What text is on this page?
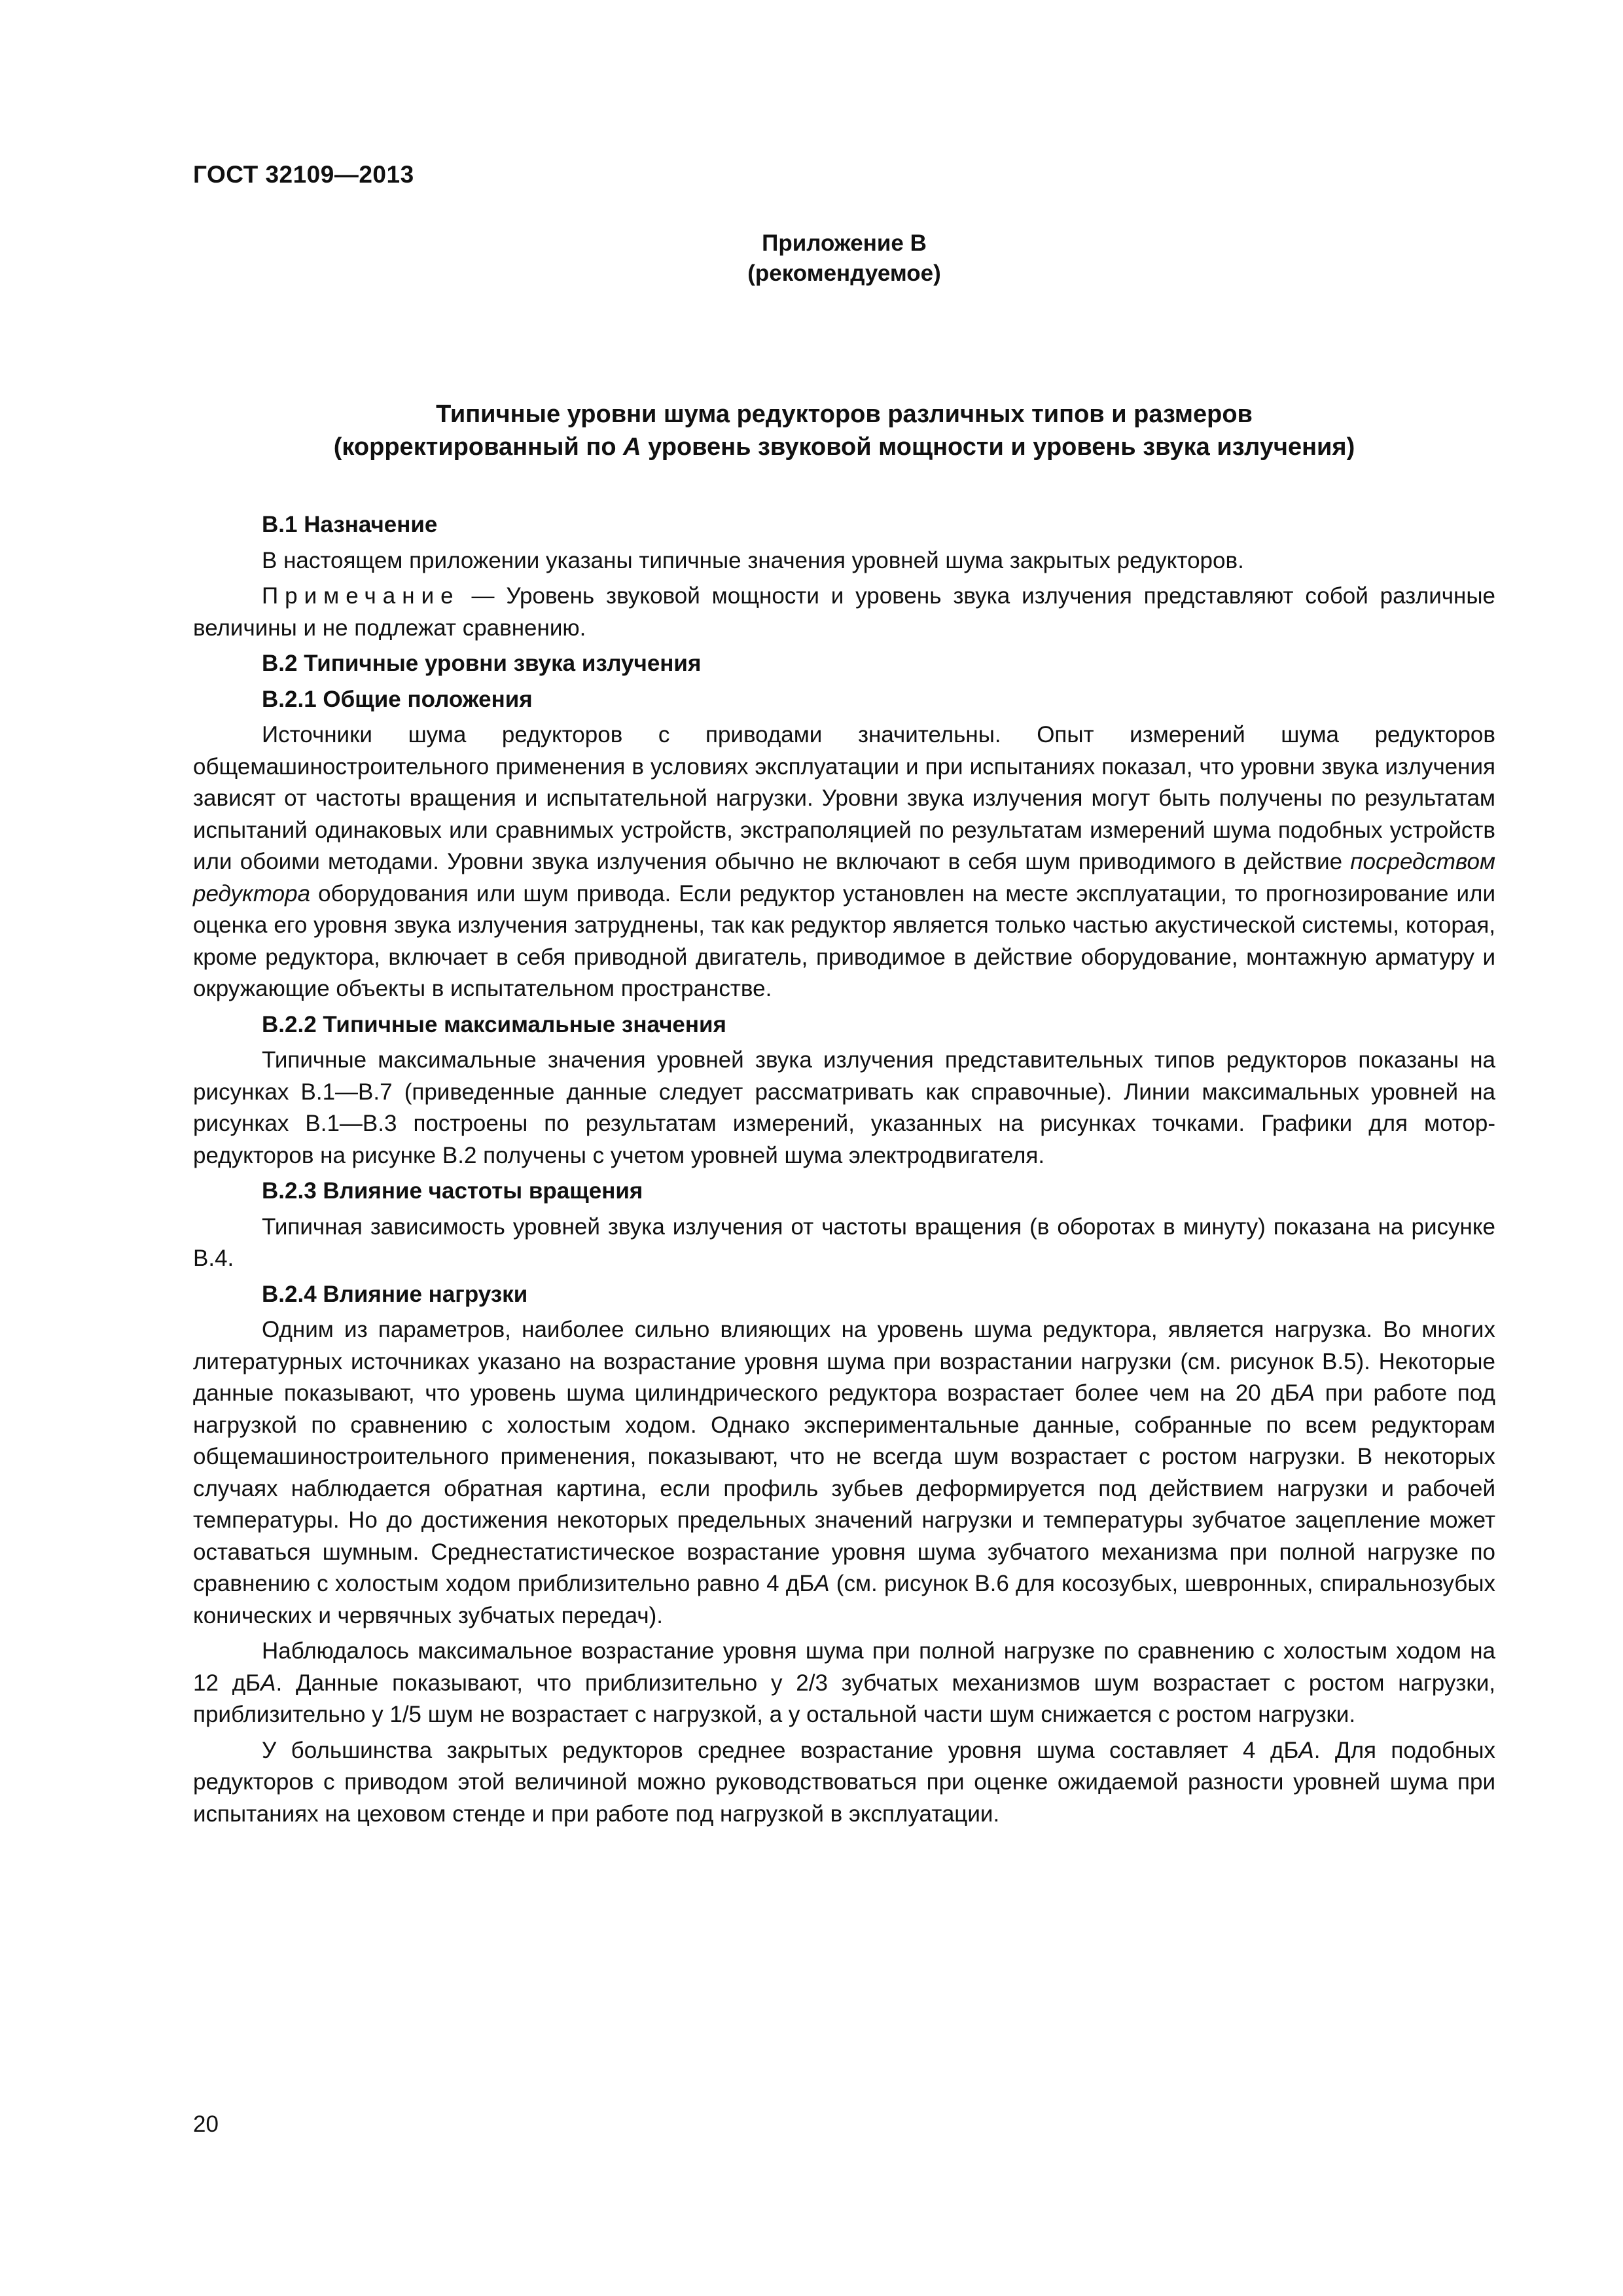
ГОСТ 32109—2013

Приложение В

(рекомендуемое)

Типичные уровни шума редукторов различных типов и размеров

(корректированный по А уровень звуковой мощности и уровень звука излучения)

В.1 Назначение

В настоящем приложении указаны типичные значения уровней шума закрытых редукторов.

Примечание — Уровень звуковой мощности и уровень звука излучения представляют собой различные величины и не подлежат сравнению.

В.2 Типичные уровни звука излучения

В.2.1 Общие положения

Источники шума редукторов с приводами значительны. Опыт измерений шума редукторов общемашиностроительного применения в условиях эксплуатации и при испытаниях показал, что уровни звука излучения зависят от частоты вращения и испытательной нагрузки. Уровни звука излучения могут быть получены по результатам испытаний одинаковых или сравнимых устройств, экстраполяцией по результатам измерений шума подобных устройств или обоими методами. Уровни звука излучения обычно не включают в себя шум приводимого в действие посредством редуктора оборудования или шум привода. Если редуктор установлен на месте эксплуатации, то прогнозирование или оценка его уровня звука излучения затруднены, так как редуктор является только частью акустической системы, которая, кроме редуктора, включает в себя приводной двигатель, приводимое в действие оборудование, монтажную арматуру и окружающие объекты в испытательном пространстве.

В.2.2 Типичные максимальные значения

Типичные максимальные значения уровней звука излучения представительных типов редукторов показаны на рисунках В.1—В.7 (приведенные данные следует рассматривать как справочные). Линии максимальных уровней на рисунках В.1—В.3 построены по результатам измерений, указанных на рисунках точками. Графики для мотор-редукторов на рисунке В.2 получены с учетом уровней шума электродвигателя.

В.2.3 Влияние частоты вращения

Типичная зависимость уровней звука излучения от частоты вращения (в оборотах в минуту) показана на рисунке В.4.

В.2.4 Влияние нагрузки

Одним из параметров, наиболее сильно влияющих на уровень шума редуктора, является нагрузка. Во многих литературных источниках указано на возрастание уровня шума при возрастании нагрузки (см. рисунок В.5). Некоторые данные показывают, что уровень шума цилиндрического редуктора возрастает более чем на 20 дБА при работе под нагрузкой по сравнению с холостым ходом. Однако экспериментальные данные, собранные по всем редукторам общемашиностроительного применения, показывают, что не всегда шум возрастает с ростом нагрузки. В некоторых случаях наблюдается обратная картина, если профиль зубьев деформируется под действием нагрузки и рабочей температуры. Но до достижения некоторых предельных значений нагрузки и температуры зубчатое зацепление может оставаться шумным. Среднестатистическое возрастание уровня шума зубчатого механизма при полной нагрузке по сравнению с холостым ходом приблизительно равно 4 дБА (см. рисунок В.6 для косозубых, шевронных, спиральнозубых конических и червячных зубчатых передач).

Наблюдалось максимальное возрастание уровня шума при полной нагрузке по сравнению с холостым ходом на 12 дБА. Данные показывают, что приблизительно у 2/3 зубчатых механизмов шум возрастает с ростом нагрузки, приблизительно у 1/5 шум не возрастает с нагрузкой, а у остальной части шум снижается с ростом нагрузки.

У большинства закрытых редукторов среднее возрастание уровня шума составляет 4 дБА. Для подобных редукторов с приводом этой величиной можно руководствоваться при оценке ожидаемой разности уровней шума при испытаниях на цеховом стенде и при работе под нагрузкой в эксплуатации.

20
